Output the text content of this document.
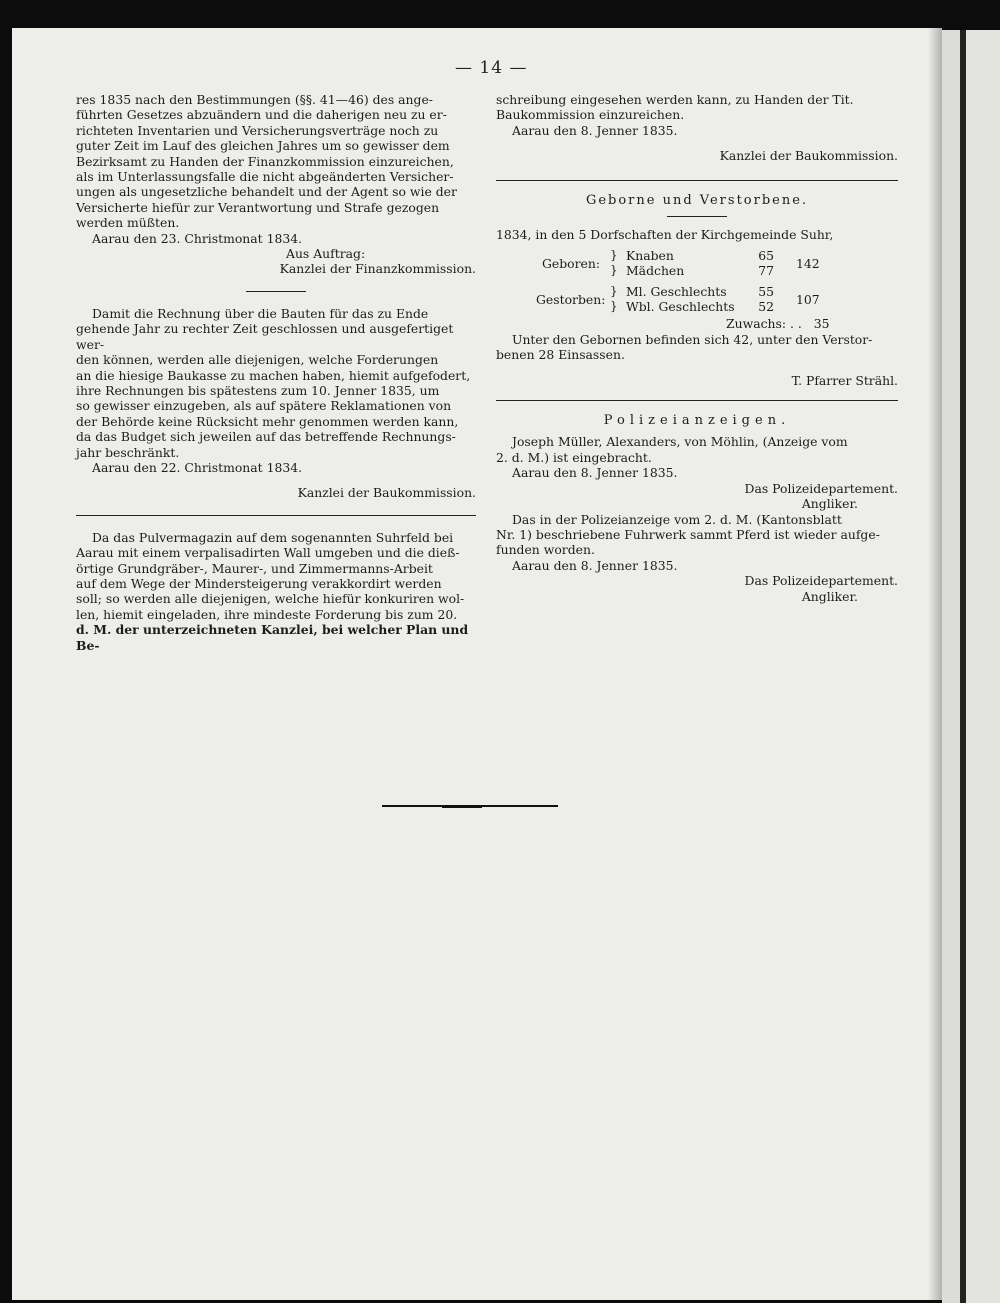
— 14 —
res 1835 nach den Bestimmungen (§§. 41—46) des ange-
führten Gesetzes abzuändern und die daherigen neu zu er-
richteten Inventarien und Versicherungsverträge noch zu
guter Zeit im Lauf des gleichen Jahres um so gewisser dem
Bezirksamt zu Handen der Finanzkommission einzureichen,
als im Unterlassungsfalle die nicht abgeänderten Versicher-
ungen als ungesetzliche behandelt und der Agent so wie der
Versicherte hiefür zur Verantwortung und Strafe gezogen
werden müßten.
Aarau den 23. Christmonat 1834.
Aus Auftrag:
Kanzlei der Finanzkommission.
Damit die Rechnung über die Bauten für das zu Ende
gehende Jahr zu rechter Zeit geschlossen und ausgefertiget wer-
den können, werden alle diejenigen, welche Forderungen
an die hiesige Baukasse zu machen haben, hiemit aufgefodert,
ihre Rechnungen bis spätestens zum 10. Jenner 1835, um
so gewisser einzugeben, als auf spätere Reklamationen von
der Behörde keine Rücksicht mehr genommen werden kann,
da das Budget sich jeweilen auf das betreffende Rechnungs-
jahr beschränkt.
Aarau den 22. Christmonat 1834.
Kanzlei der Baukommission.
Da das Pulvermagazin auf dem sogenannten Suhrfeld bei
Aarau mit einem verpalisadirten Wall umgeben und die dieß-
örtige Grundgräber-, Maurer-, und Zimmermanns-Arbeit
auf dem Wege der Mindersteigerung verakkordirt werden
soll; so werden alle diejenigen, welche hiefür konkuriren wol-
len, hiemit eingeladen, ihre mindeste Forderung bis zum 20.
d. M. der unterzeichneten Kanzlei, bei welcher Plan und Be-
schreibung eingesehen werden kann, zu Handen der Tit.
Baukommission einzureichen.
Aarau den 8. Jenner 1835.
Kanzlei der Baukommission.
Geborne und Verstorbene.
1834, in den 5 Dorfschaften der Kirchgemeinde Suhr,
Geboren:
} Knaben	65
} Mädchen	77 142
Gestorben:
} Ml. Geschlechts	55
} Wbl. Geschlechts 52 107
Zuwachs: . . 35
Unter den Gebornen befinden sich 42, unter den Verstor-
benen 28 Einsassen.
T. Pfarrer Strähl.
Polizeianzeigen.
Joseph Müller, Alexanders, von Möhlin, (Anzeige vom
2. d. M.) ist eingebracht.
Aarau den 8. Jenner 1835.
Das Polizeidepartement.
Angliker.
Das in der Polizeianzeige vom 2. d. M. (Kantonsblatt
Nr. 1) beschriebene Fuhrwerk sammt Pferd ist wieder aufge-
funden worden.
Aarau den 8. Jenner 1835.
Das Polizeidepartement.
Angliker.
